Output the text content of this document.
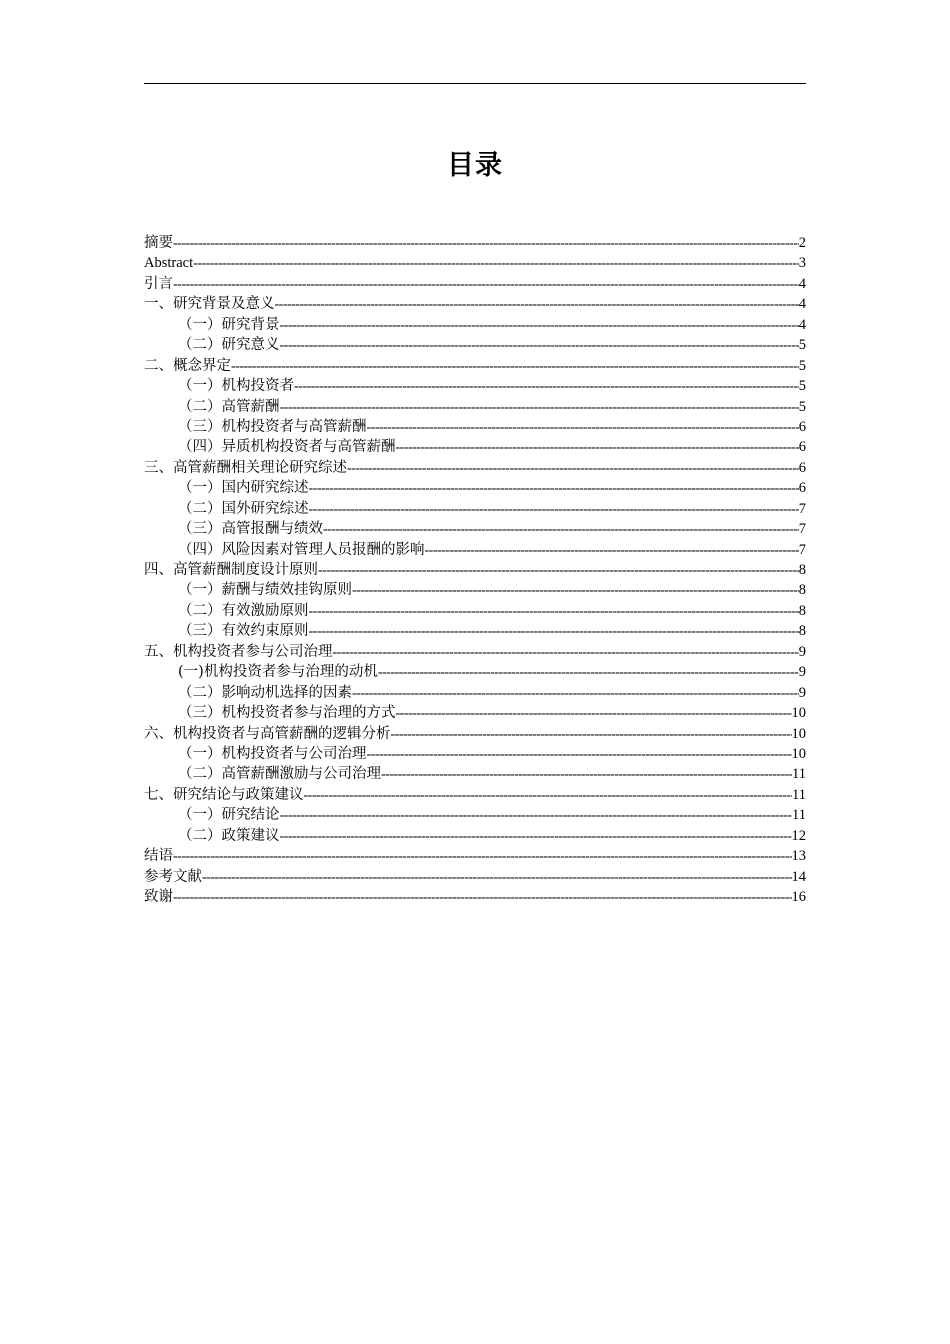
目录
摘要 -----	2
Abstract -----	3
引言 -----	4
一、研究背景及意义 -----	4
（一）研究背景 -----	4
（二）研究意义 -----	5
二、概念界定 -----	5
（一）机构投资者 -----	5
（二）高管薪酬 -----	5
（三）机构投资者与高管薪酬 -----	6
（四）异质机构投资者与高管薪酬 -----	6
三、高管薪酬相关理论研究综述 -----	6
（一）国内研究综述 -----	6
（二）国外研究综述 -----	7
（三）高管报酬与绩效 -----	7
（四）风险因素对管理人员报酬的影响 -----	7
四、高管薪酬制度设计原则 -----	8
（一）薪酬与绩效挂钩原则 -----	8
（二）有效激励原则 -----	8
（三）有效约束原则 -----	8
五、机构投资者参与公司治理 -----	9
(一)机构投资者参与治理的动机 -----	9
（二）影响动机选择的因素 -----	9
（三）机构投资者参与治理的方式 -----	10
六、机构投资者与高管薪酬的逻辑分析 -----	10
（一）机构投资者与公司治理 -----	10
（二）高管薪酬激励与公司治理 -----	11
七、研究结论与政策建议 -----	11
（一）研究结论 -----	11
（二）政策建议 -----	12
结语 -----	13
参考文献 -----	14
致谢 -----	16
